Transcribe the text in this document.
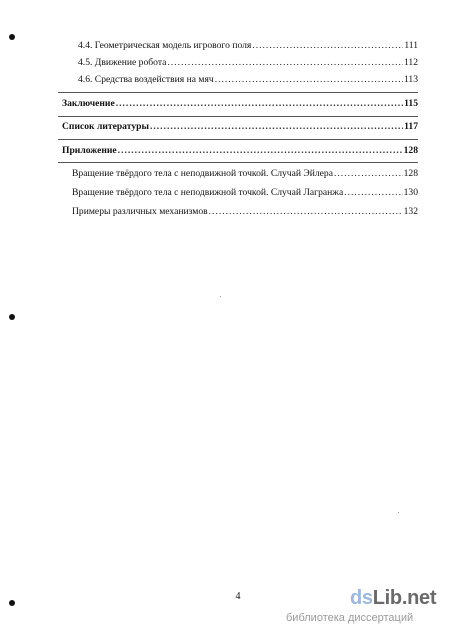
4.4. Геометрическая модель игрового поля .....	111
4.5. Движение робота .....	112
4.6. Средства воздействия на мяч .....	113
Заключение .....	115
Список литературы .....	117
Приложение .....	128
Вращение твёрдого тела с неподвижной точкой. Случай Эйлера .....	128
Вращение твёрдого тела с неподвижной точкой. Случай Лагранжа .....	130
Примеры различных механизмов .....	132
4	dsLib.net
библиотека диссертаций
